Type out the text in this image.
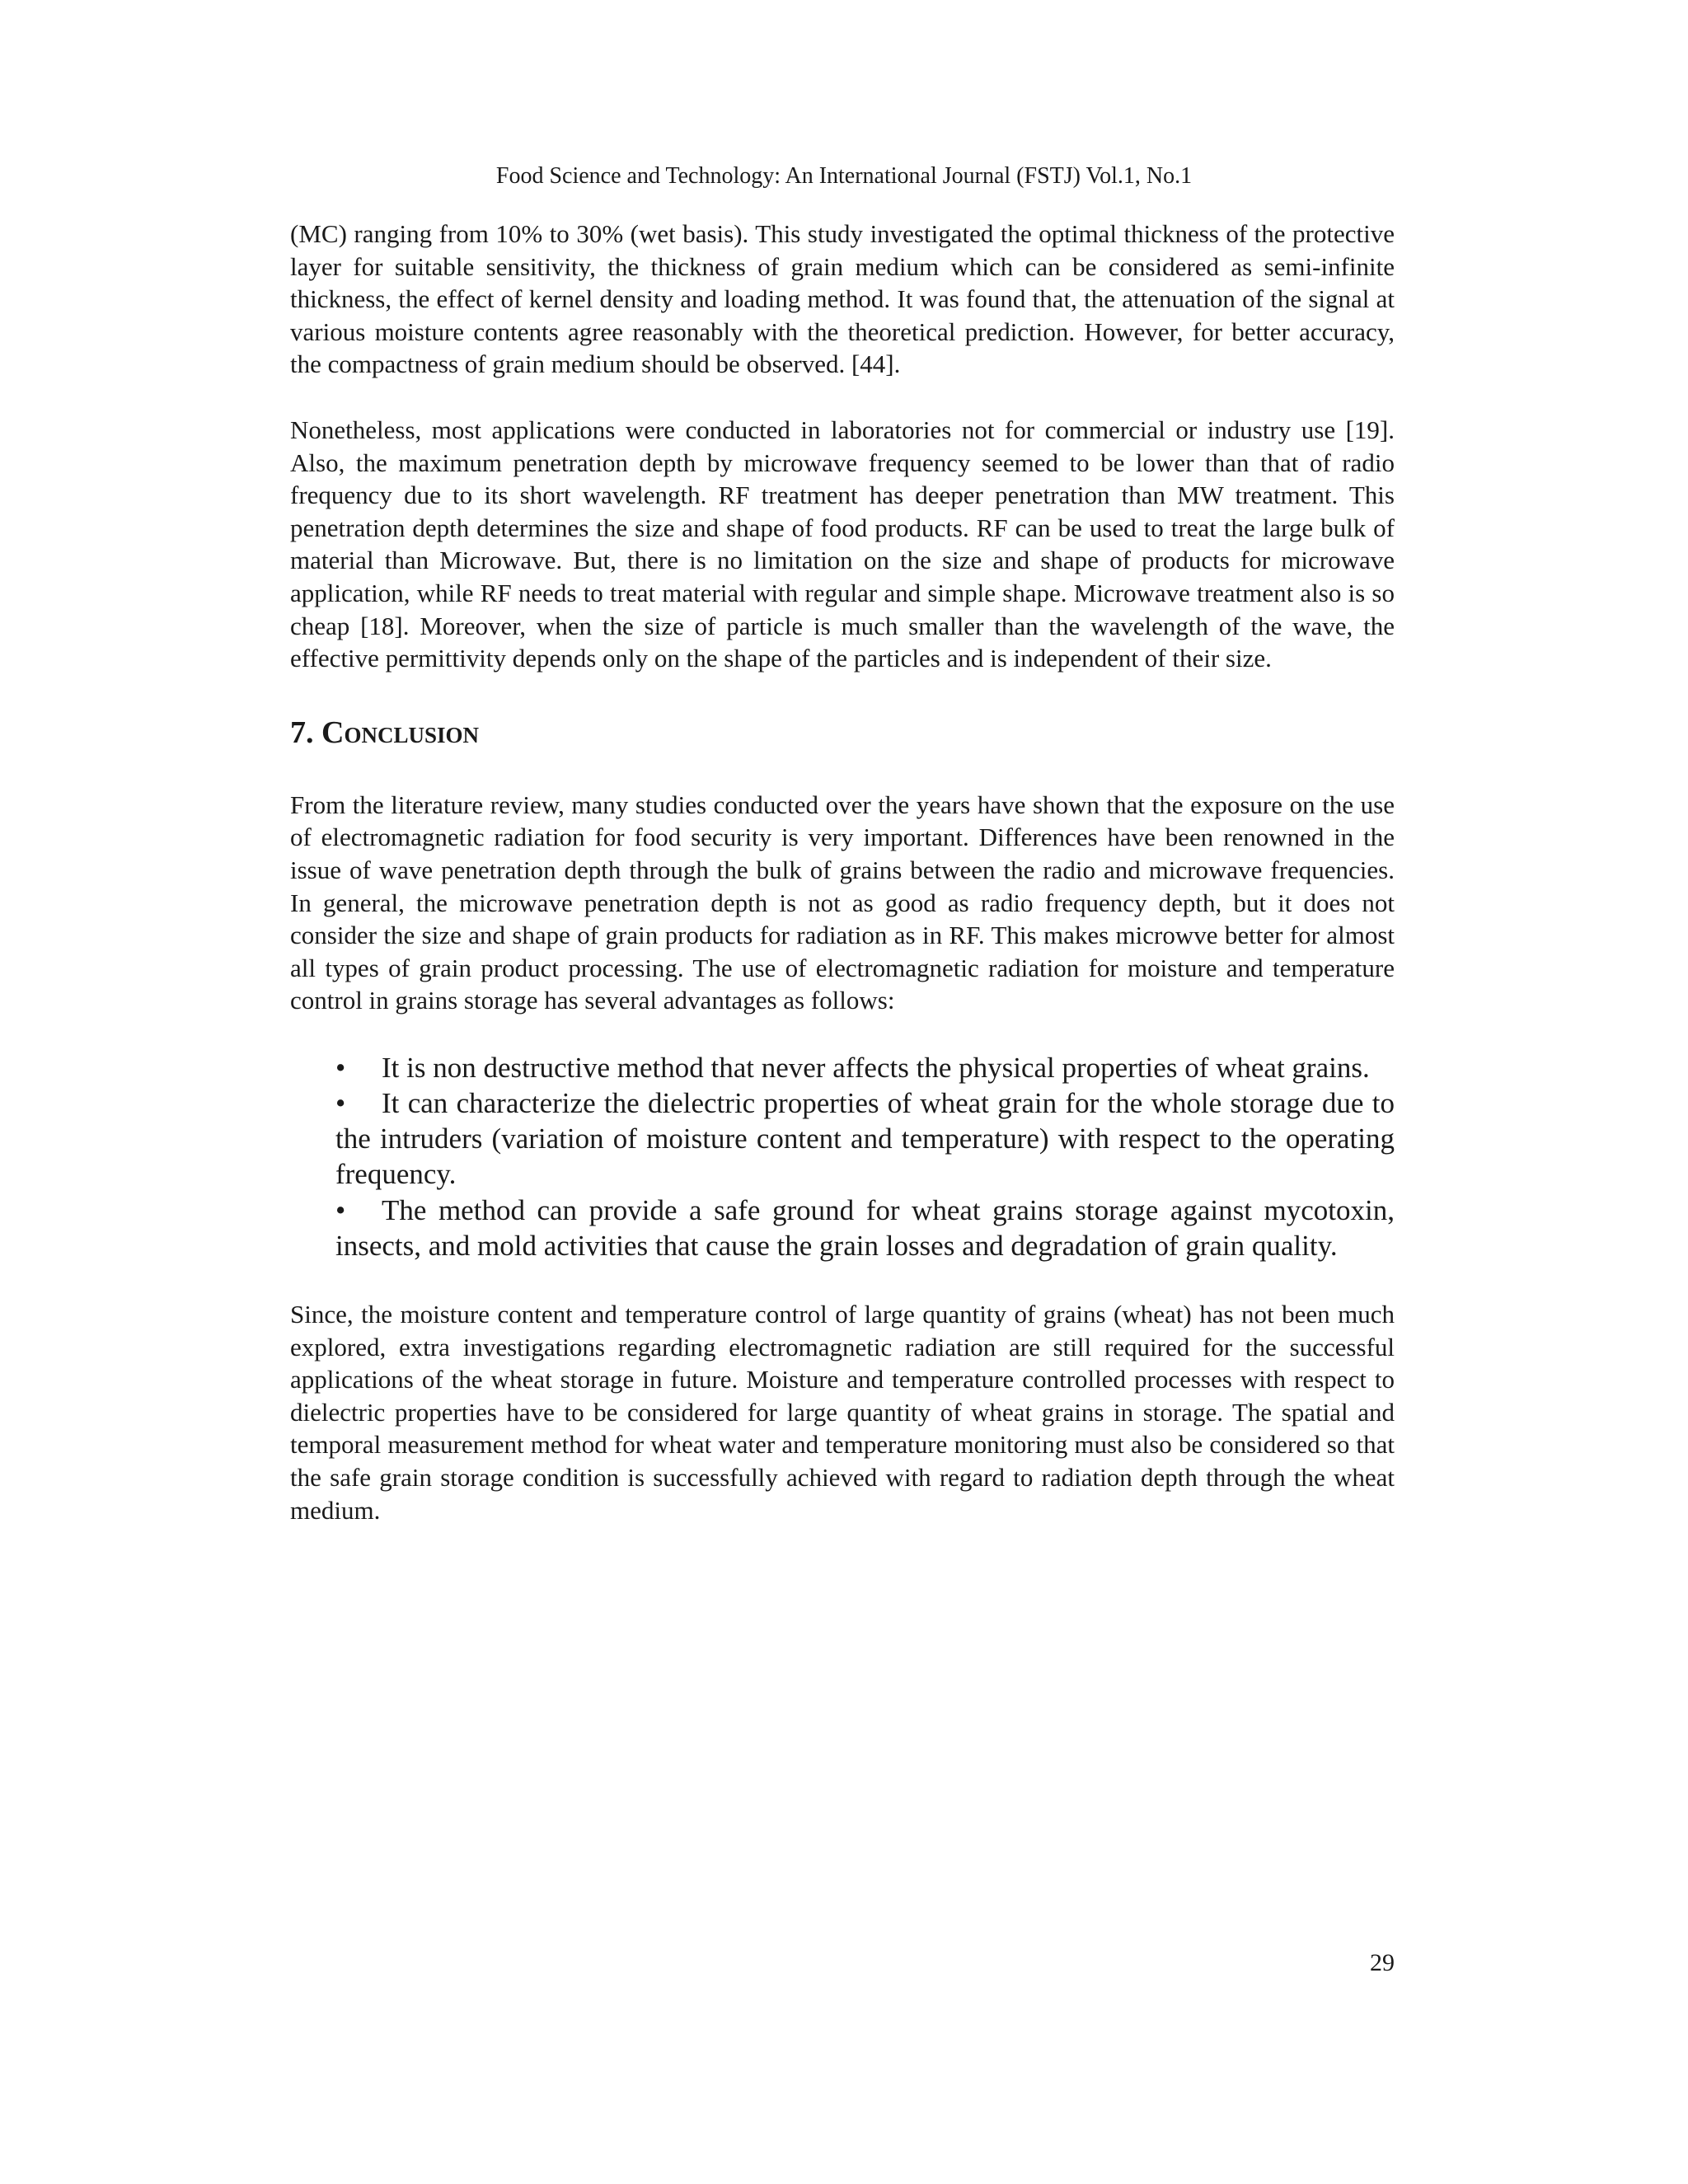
Food Science and Technology: An International Journal (FSTJ) Vol.1, No.1

(MC) ranging from 10% to 30% (wet basis). This study investigated the optimal thickness of the protective layer for suitable sensitivity, the thickness of grain medium which can be considered as semi-infinite thickness, the effect of kernel density and loading method. It was found that, the attenuation of the signal at various moisture contents agree reasonably with the theoretical prediction. However, for better accuracy, the compactness of grain medium should be observed. [44].

Nonetheless, most applications were conducted in laboratories not for commercial or industry use [19]. Also, the maximum penetration depth by microwave frequency seemed to be lower than that of radio frequency due to its short wavelength. RF treatment has deeper penetration than MW treatment. This penetration depth determines the size and shape of food products. RF can be used to treat the large bulk of material than Microwave. But, there is no limitation on the size and shape of products for microwave application, while RF needs to treat material with regular and simple shape. Microwave treatment also is so cheap [18]. Moreover, when the size of particle is much smaller than the wavelength of the wave, the effective permittivity depends only on the shape of the particles and is independent of their size.

7. Conclusion

From the literature review, many studies conducted over the years have shown that the exposure on the use of electromagnetic radiation for food security is very important. Differences have been renowned in the issue of wave penetration depth through the bulk of grains between the radio and microwave frequencies. In general, the microwave penetration depth is not as good as radio frequency depth, but it does not consider the size and shape of grain products for radiation as in RF. This makes microwve better for almost all types of grain product processing. The use of electromagnetic radiation for moisture and temperature control in grains storage has several advantages as follows:

• It is non destructive method that never affects the physical properties of wheat grains.
• It can characterize the dielectric properties of wheat grain for the whole storage due to the intruders (variation of moisture content and temperature) with respect to the operating frequency.
• The method can provide a safe ground for wheat grains storage against mycotoxin, insects, and mold activities that cause the grain losses and degradation of grain quality.

Since, the moisture content and temperature control of large quantity of grains (wheat) has not been much explored, extra investigations regarding electromagnetic radiation are still required for the successful applications of the wheat storage in future. Moisture and temperature controlled processes with respect to dielectric properties have to be considered for large quantity of wheat grains in storage. The spatial and temporal measurement method for wheat water and temperature monitoring must also be considered so that the safe grain storage condition is successfully achieved with regard to radiation depth through the wheat medium.

29
